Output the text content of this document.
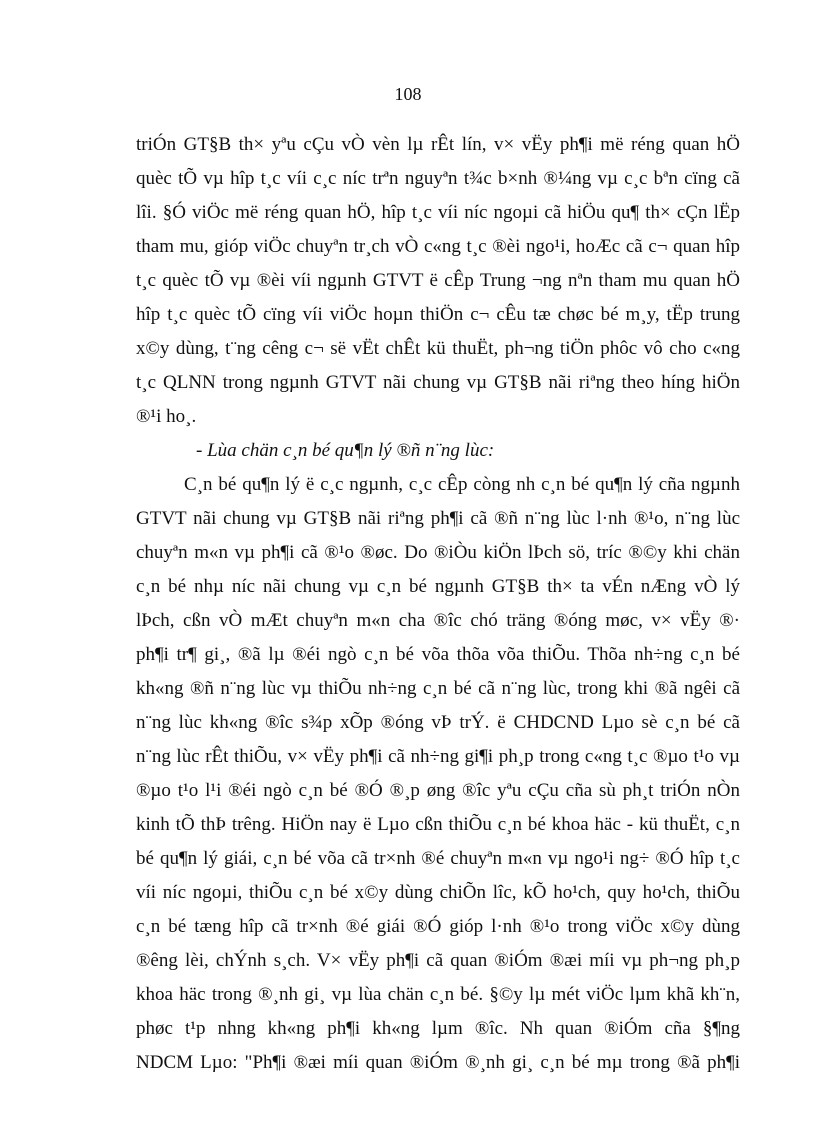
108
triÓn GT§B th× yªu cÇu vÒ vèn lµ rÊt lín, v× vËy ph¶i më réng quan hÖ
quèc tÕ vµ hîp t¸c víi c¸c níc trªn nguyªn t¾c b×nh ®¼ng vµ c¸c bªn cïng cã
lîi. §Ó viÖc më réng quan hÖ, hîp t¸c víi níc ngoµi cã hiÖu qu¶ th× cÇn lËp
tham mu, gióp viÖc chuyªn tr¸ch vÒ c«ng t¸c ®èi ngo¹i, hoÆc cã c¬ quan hîp
t¸c quèc tÕ vµ ®èi víi ngµnh GTVT ë cÊp Trung ¬ng nªn tham mu quan hÖ
hîp t¸c quèc tÕ cïng víi viÖc hoµn thiÖn c¬ cÊu tæ chøc bé m¸y, tËp trung
x©y dùng, t¨ng cêng c¬ së vËt chÊt kü thuËt, ph¬ng tiÖn phôc vô cho c«ng
t¸c QLNN trong ngµnh GTVT nãi chung vµ GT§B nãi riªng theo híng hiÖn
®¹i ho¸.
- Lùa chän c¸n bé qu¶n lý ®ñ n¨ng lùc:
C¸n bé qu¶n lý ë c¸c ngµnh, c¸c cÊp còng nh c¸n bé qu¶n lý cña ngµnh
GTVT nãi chung vµ GT§B nãi riªng ph¶i cã ®ñ n¨ng lùc l·nh ®¹o, n¨ng lùc
chuyªn m«n vµ ph¶i cã ®¹o ®øc. Do ®iÒu kiÖn lÞch sö, tríc ®©y khi chän
c¸n bé nhµ níc nãi chung vµ c¸n bé ngµnh GT§B th× ta vÉn nÆng vÒ lý
lÞch, cßn vÒ mÆt chuyªn m«n cha ®îc chó träng ®óng møc, v× vËy ®·
ph¶i tr¶ gi¸, ®ã lµ ®éi ngò c¸n bé võa thõa võa thiÕu. Thõa nh÷ng c¸n bé
kh«ng ®ñ n¨ng lùc vµ thiÕu nh÷ng c¸n bé cã n¨ng lùc, trong khi ®ã ngêi cã
n¨ng lùc kh«ng ®îc s¾p xÕp ®óng vÞ trÝ. ë CHDCND Lµo sè c¸n bé cã
n¨ng lùc rÊt thiÕu, v× vËy ph¶i cã nh÷ng gi¶i ph¸p trong c«ng t¸c ®µo t¹o vµ
®µo t¹o l¹i ®éi ngò c¸n bé ®Ó ®¸p øng ®îc yªu cÇu cña sù ph¸t triÓn nÒn
kinh tÕ thÞ trêng. HiÖn nay ë Lµo cßn thiÕu c¸n bé khoa häc - kü thuËt, c¸n
bé qu¶n lý giái, c¸n bé võa cã tr×nh ®é chuyªn m«n vµ ngo¹i ng÷ ®Ó hîp t¸c
víi níc ngoµi, thiÕu c¸n bé x©y dùng chiÕn lîc, kÕ ho¹ch, quy ho¹ch, thiÕu
c¸n bé tæng hîp cã tr×nh ®é giái ®Ó gióp l·nh ®¹o trong viÖc x©y dùng
®êng lèi, chÝnh s¸ch. V× vËy ph¶i cã quan ®iÓm ®æi míi vµ ph¬ng ph¸p
khoa häc trong ®¸nh gi¸ vµ lùa chän c¸n bé. §©y lµ mét viÖc lµm khã kh¨n,
phøc t¹p nhng kh«ng ph¶i kh«ng lµm ®îc. Nh quan ®iÓm cña §¶ng
NDCM Lµo: "Ph¶i ®æi míi quan ®iÓm ®¸nh gi¸ c¸n bé mµ trong ®ã ph¶i
